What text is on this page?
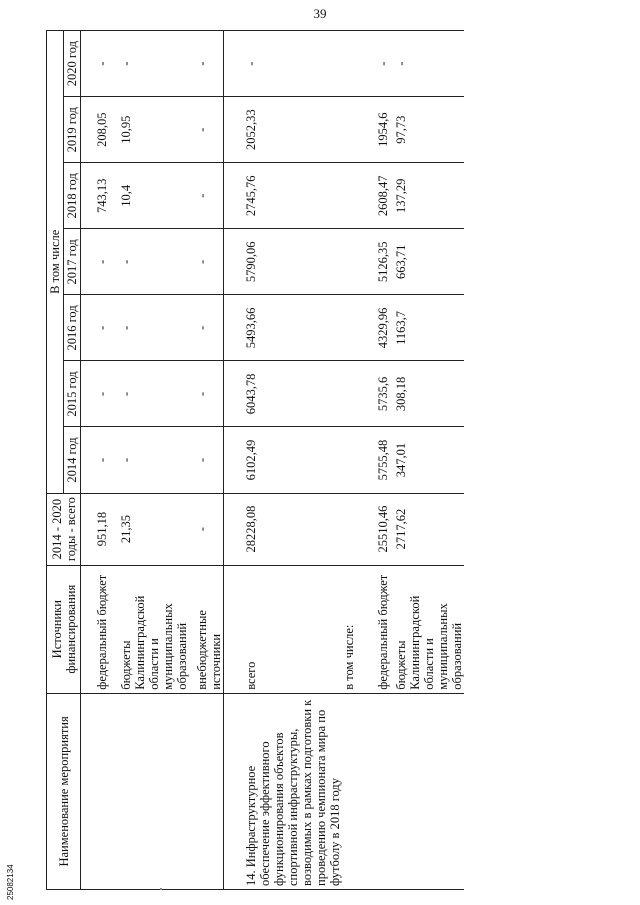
39
Наименование мероприятия	Источники финансирования	2014 - 2020 годы - всего	В том числе						
			2014 год	2015 год	2016 год	2017 год	2018 год	2019 год	2020 год
	федеральный бюджет	951,18	-	-	-	-	743,13	208,05	-
	бюджеты Калининградской области и муниципальных образований	21,35	-	-	-	-	10,4	10,95	-
	внебюджетные источники	-	-	-	-	-	-	-	-
14. Инфраструктурное обеспечение эффективного функционирования объектов спортивной инфраструктуры, возводимых в рамках подготовки к проведению чемпионата мира по футболу в 2018 году	всего	28228,08	6102,49	6043,78	5493,66	5790,06	2745,76	2052,33	-
	в том числе:								
	федеральный бюджет	25510,46	5755,48	5735,6	4329,96	5126,35	2608,47	1954,6	-
	бюджеты Калининградской области и муниципальных образований	2717,62	347,01	308,18	1163,7	663,71	137,29	97,73	-
25082134
